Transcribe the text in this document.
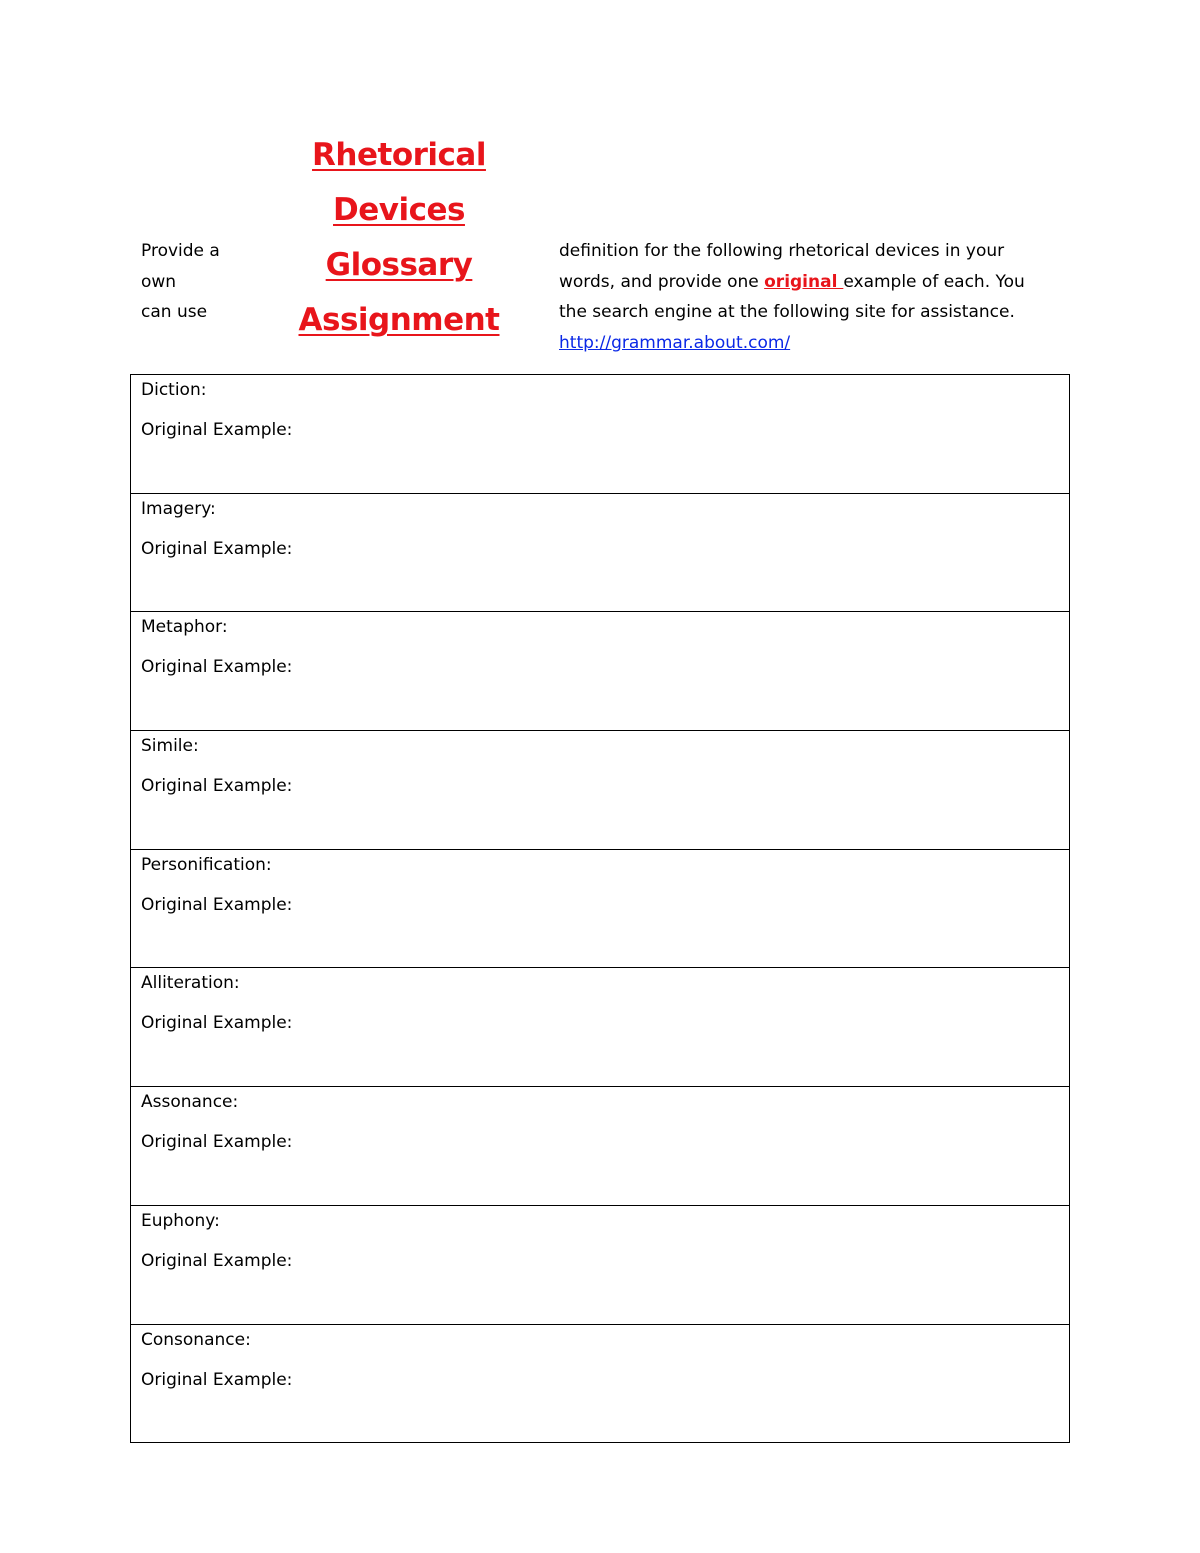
Provide a
own
can use
Rhetorical
Devices
Glossary
Assignment
definition for the following rhetorical devices in your
words, and provide one original example of each. You
the search engine at the following site for assistance.
http://grammar.about.com/
Diction:
Original Example:
Imagery:
Original Example:
Metaphor:
Original Example:
Simile:
Original Example:
Personification:
Original Example:
Alliteration:
Original Example:
Assonance:
Original Example:
Euphony:
Original Example:
Consonance:
Original Example:
